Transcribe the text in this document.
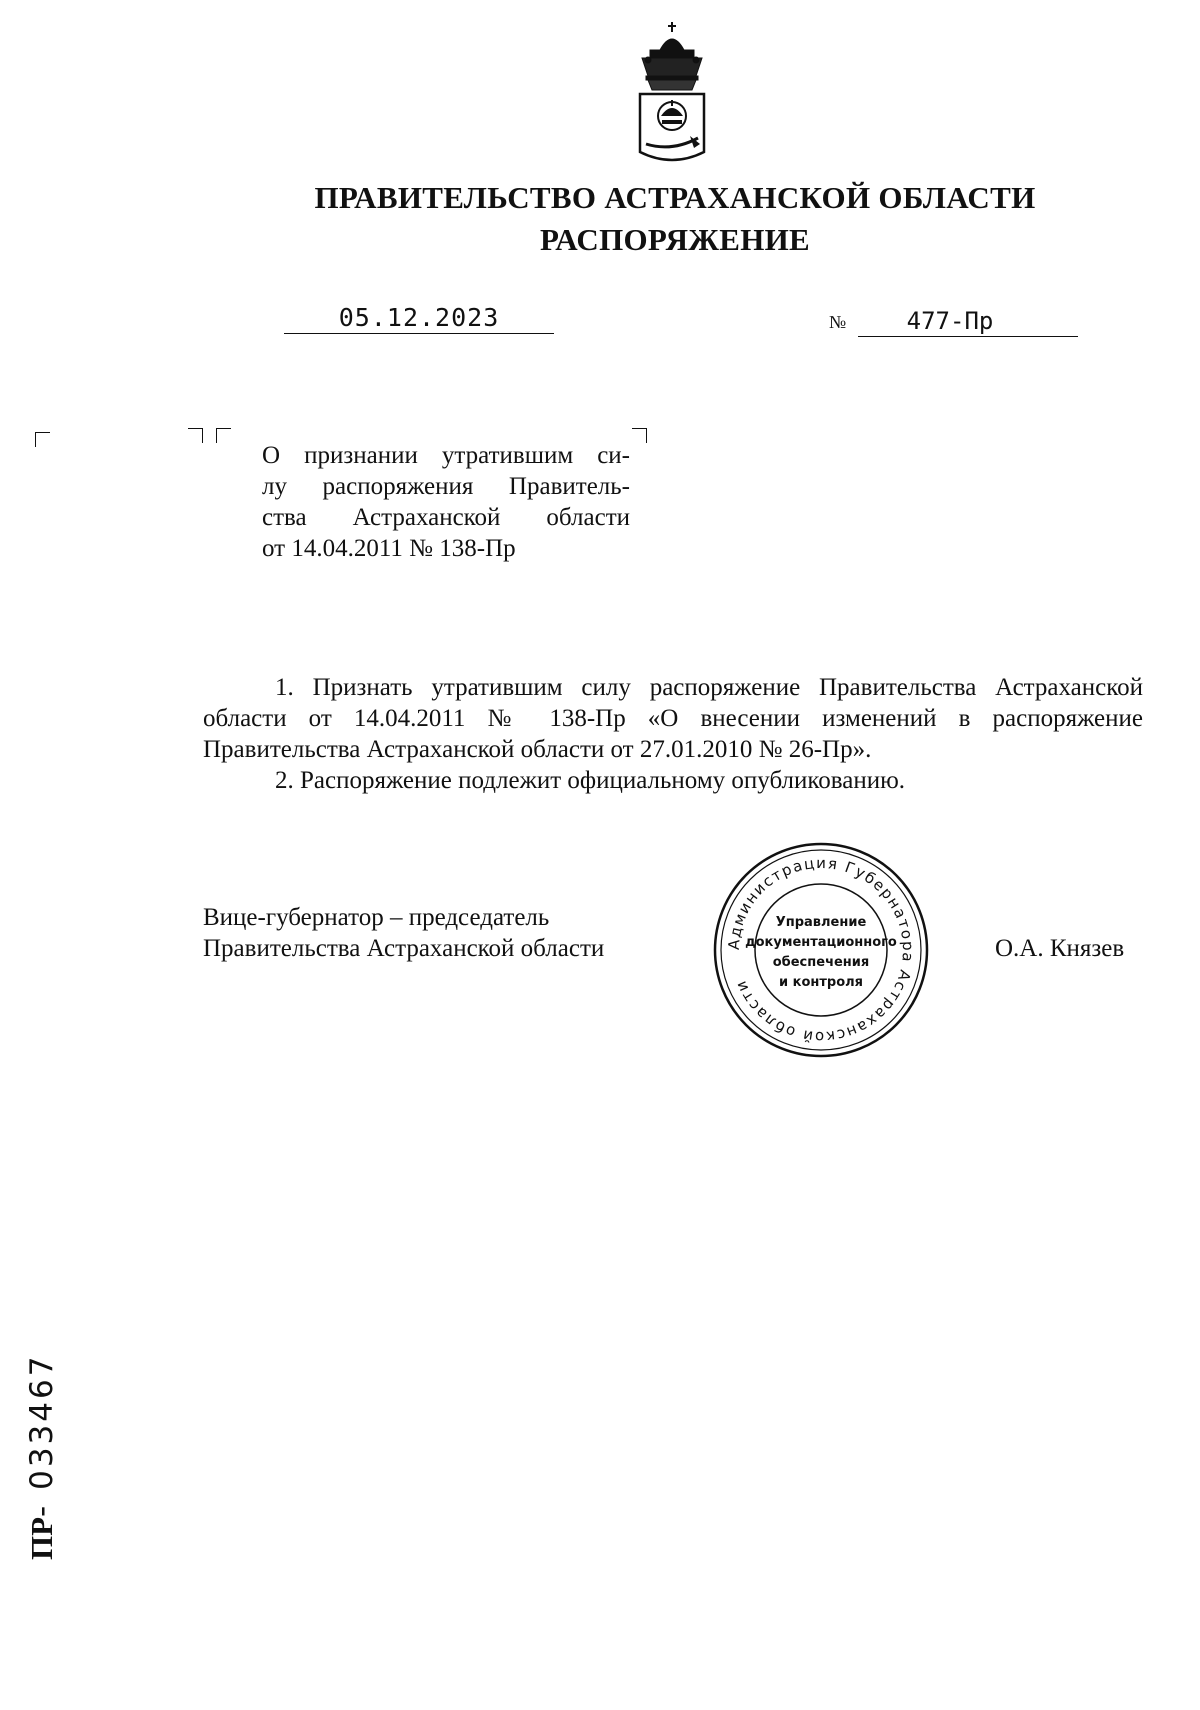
ПРАВИТЕЛЬСТВО АСТРАХАНСКОЙ ОБЛАСТИ
РАСПОРЯЖЕНИЕ
05.12.2023	№	477-Пр
О признании утратившим си-
лу распоряжения Правитель-
ства Астраханской области
от 14.04.2011 № 138-Пр

1. Признать утратившим силу распоряжение Правительства Астраханской области от 14.04.2011 № 138-Пр «О внесении изменений в распоряжение Правительства Астраханской области от 27.01.2010 № 26-Пр».

2. Распоряжение подлежит официальному опубликованию.

Вице-губернатор – председатель
Правительства Астраханской области	Администрация Губернатора Астраханской области
Управление
документационного
обеспечения
и контроля
О.А. Князев
ПР- 033467
